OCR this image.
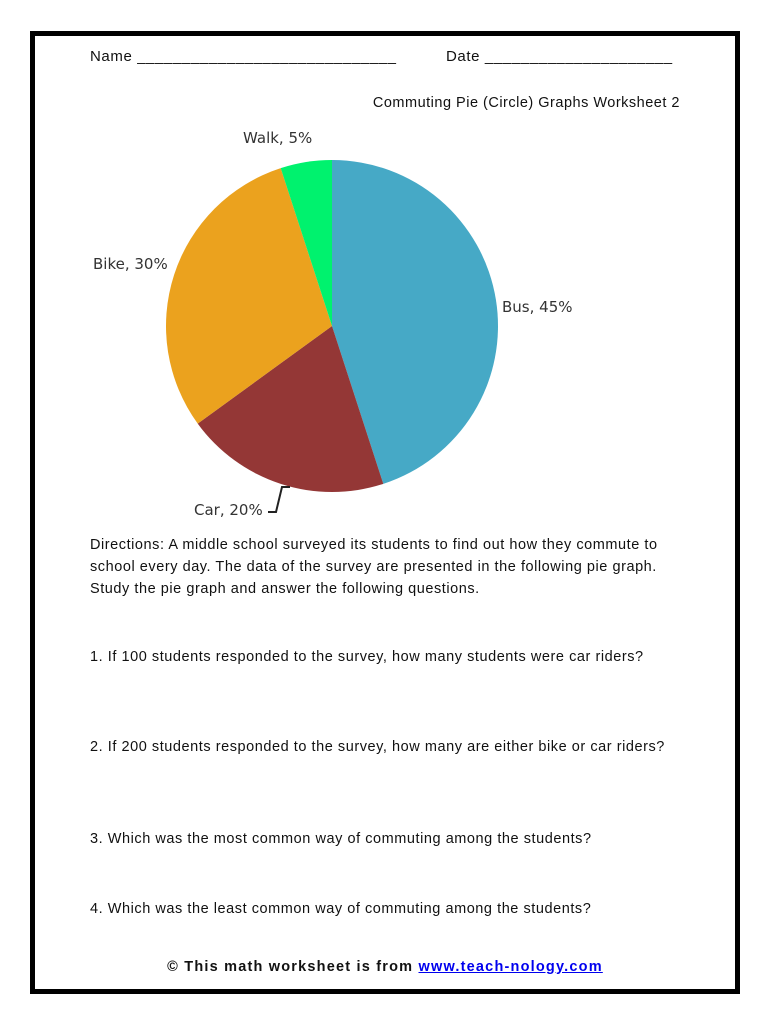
Name _____________________________	Date _____________________
Commuting Pie (Circle) Graphs Worksheet 2
Walk, 5%
Bike, 30%
Bus, 45%
Car, 20%
Directions: A middle school surveyed its students to find out how they commute to school every day. The data of the survey are presented in the following pie graph. Study the pie graph and answer the following questions.
1. If 100 students responded to the survey, how many students were car riders?
2. If 200 students responded to the survey, how many are either bike or car riders?
3. Which was the most common way of commuting among the students?
4. Which was the least common way of commuting among the students?
© This math worksheet is from www.teach-nology.com
